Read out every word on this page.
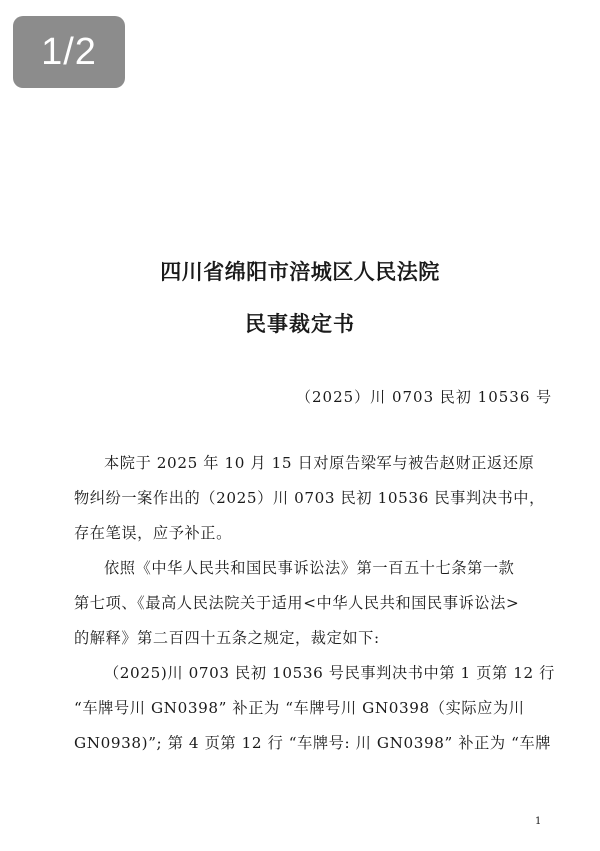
1/2
四川省绵阳市涪城区人民法院
民事裁定书
（2025）川 0703 民初 10536 号
本院于 2025 年 10 月 15 日对原告梁军与被告赵财正返还原
物纠纷一案作出的（2025）川 0703 民初 10536 民事判决书中，
存在笔误，应予补正。
依照《中华人民共和国民事诉讼法》第一百五十七条第一款
第七项、《最高人民法院关于适用<中华人民共和国民事诉讼法>
的解释》第二百四十五条之规定，裁定如下:
（2025)川 0703 民初 10536 号民事判决书中第 1 页第 12 行
“车牌号川 GN0398” 补正为 “车牌号川 GN0398（实际应为川
GN0938)”; 第 4 页第 12 行 “车牌号: 川 GN0398” 补正为 “车牌
1
